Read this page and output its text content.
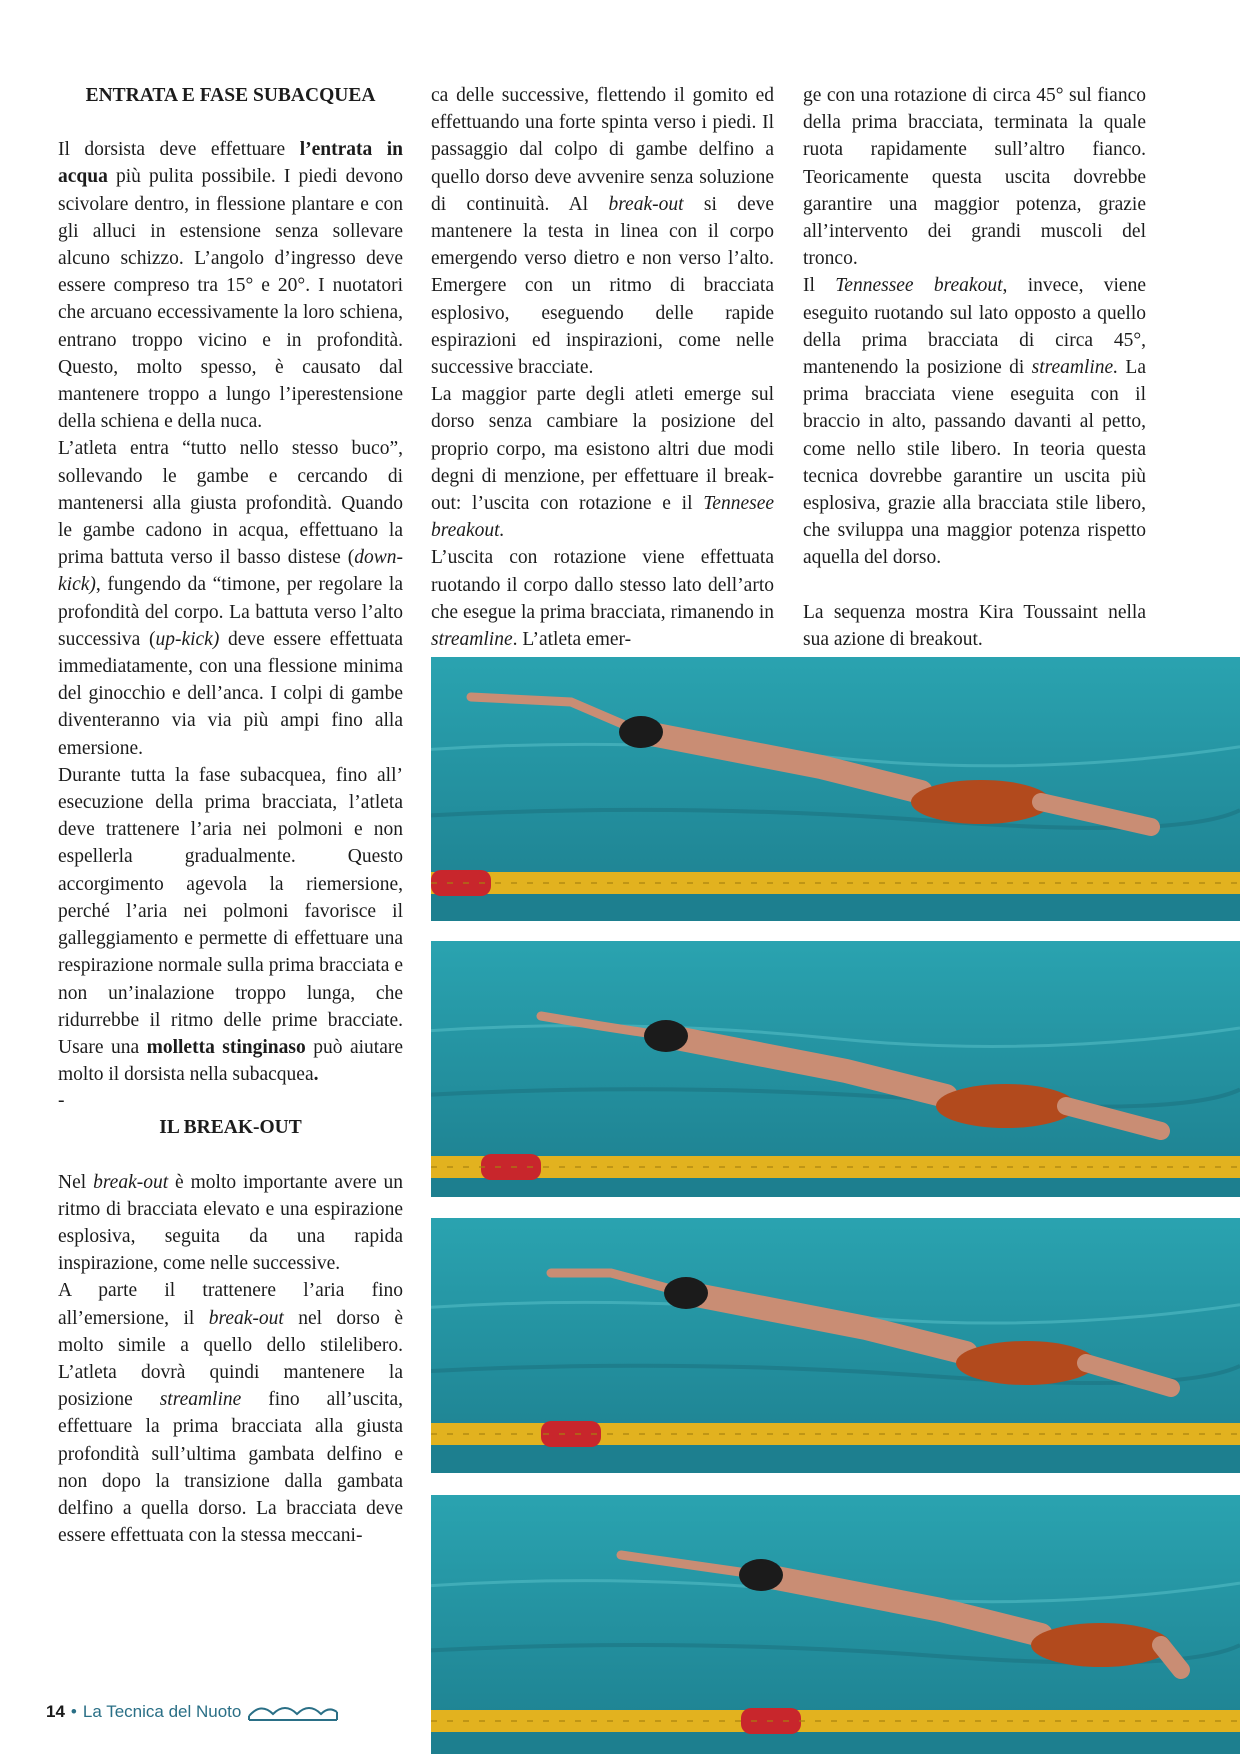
ENTRATA E FASE SUBACQUEA

Il dorsista deve effettuare l’entrata in acqua più pulita possibile. I piedi devono scivolare dentro, in flessione plantare e con gli alluci in estensione senza sollevare alcuno schizzo. L’angolo d’ingresso deve essere compreso tra 15° e 20°. I nuotatori che arcuano eccessivamente la loro schiena, entrano troppo vicino e in profondità. Questo, molto spesso, è causato dal mantenere troppo a lungo l’iperestensione della schiena e della nuca.

L’atleta entra “tutto nello stesso buco”, sollevando le gambe e cercando di mantenersi alla giusta profondità. Quando le gambe cadono in acqua, effettuano la prima battuta verso il basso distese (down-kick), fungendo da “timone, per regolare la profondità del corpo. La battuta verso l’alto successiva (up-kick) deve essere effettuata immediatamente, con una flessione minima del ginocchio e dell’anca. I colpi di gambe diventeranno via via più ampi fino alla emersione.

Durante tutta la fase subacquea, fino all’ esecuzione della prima bracciata, l’atleta deve trattenere l’aria nei polmoni e non espellerla gradualmente. Questo accorgimento agevola la riemersione, perché l’aria nei polmoni favorisce il galleggiamento e permette di effettuare una respirazione normale sulla prima bracciata e non un’inalazione troppo lunga, che ridurrebbe il ritmo delle prime bracciate. Usare una molletta stinginaso può aiutare molto il dorsista nella subacquea.

-

IL BREAK-OUT

Nel break-out è molto importante avere un ritmo di bracciata elevato e una espirazione esplosiva, seguita da una rapida inspirazione, come nelle successive.

A parte il trattenere l’aria fino all’emersione, il break-out nel dorso è molto simile a quello dello stilelibero. L’atleta dovrà quindi mantenere la posizione streamline fino all’uscita, effettuare la prima bracciata alla giusta profondità sull’ultima gambata delfino e non dopo la transizione dalla gambata delfino a quella dorso. La bracciata deve essere effettuata con la stessa meccani-

ca delle successive, flettendo il gomito ed effettuando una forte spinta verso i piedi. Il passaggio dal colpo di gambe delfino a quello dorso deve avvenire senza soluzione di continuità. Al break-out si deve mantenere la testa in linea con il corpo emergendo verso dietro e non verso l’alto. Emergere con un ritmo di bracciata esplosivo, eseguendo delle rapide espirazioni ed inspirazioni, come nelle successive bracciate.

La maggior parte degli atleti emerge sul dorso senza cambiare la posizione del proprio corpo, ma esistono altri due modi degni di menzione, per effettuare il break-out: l’uscita con rotazione e il Tennesee breakout.

L’uscita con rotazione viene effettuata ruotando il corpo dallo stesso lato dell’arto che esegue la prima bracciata, rimanendo in streamline. L’atleta emer-

ge con una rotazione di circa 45° sul fianco della prima bracciata, terminata la quale ruota rapidamente sull’altro fianco. Teoricamente questa uscita dovrebbe garantire una maggior potenza, grazie all’intervento dei grandi muscoli del tronco.

Il Tennessee breakout, invece, viene eseguito ruotando sul lato opposto a quello della prima bracciata di circa 45°, mantenendo la posizione di streamline. La prima bracciata viene eseguita con il braccio in alto, passando davanti al petto, come nello stile libero. In teoria questa tecnica dovrebbe garantire un uscita più esplosiva, grazie alla bracciata stile libero, che sviluppa una maggior potenza rispetto aquella del dorso.

La sequenza mostra Kira Toussaint nella sua azione di breakout.

14 • La Tecnica del Nuoto
